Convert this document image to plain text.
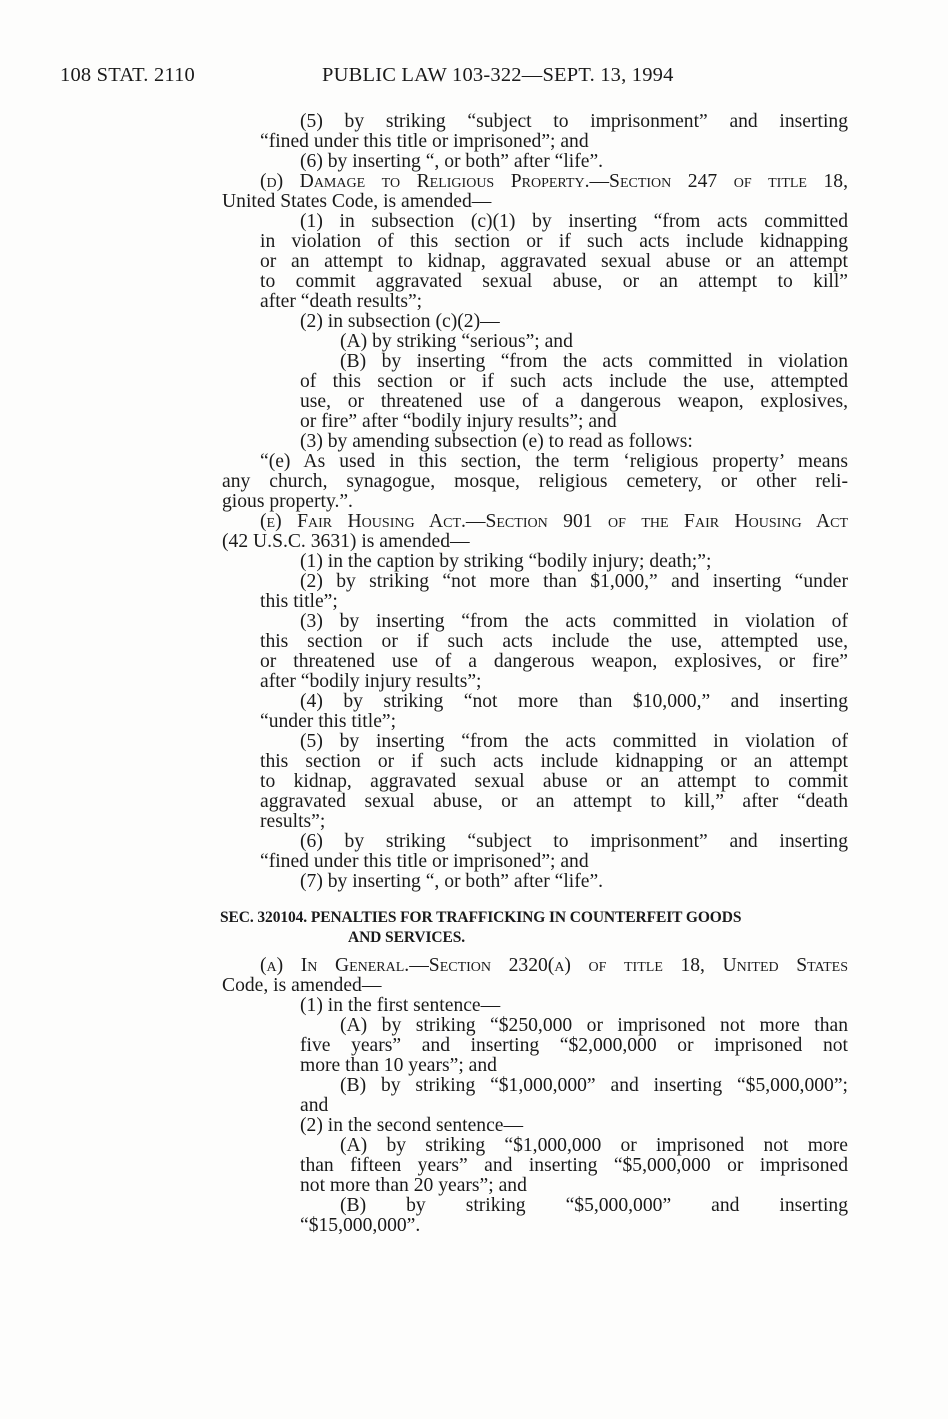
108 STAT. 2110	PUBLIC LAW 103-322—SEPT. 13, 1994
(5) by striking “subject to imprisonment” and inserting
“fined under this title or imprisoned”; and
(6) by inserting “, or both” after “life”.
(d) Damage to Religious Property.—Section 247 of title 18,
United States Code, is amended—
(1) in subsection (c)(1) by inserting “from acts committed
in violation of this section or if such acts include kidnapping
or an attempt to kidnap, aggravated sexual abuse or an attempt
to commit aggravated sexual abuse, or an attempt to kill”
after “death results”;
(2) in subsection (c)(2)—
(A) by striking “serious”; and
(B) by inserting “from the acts committed in violation
of this section or if such acts include the use, attempted
use, or threatened use of a dangerous weapon, explosives,
or fire” after “bodily injury results”; and
(3) by amending subsection (e) to read as follows:
“(e) As used in this section, the term ‘religious property’ means
any church, synagogue, mosque, religious cemetery, or other reli-
gious property.”.
(e) Fair Housing Act.—Section 901 of the Fair Housing Act
(42 U.S.C. 3631) is amended—
(1) in the caption by striking “bodily injury; death;”;
(2) by striking “not more than $1,000,” and inserting “under
this title”;
(3) by inserting “from the acts committed in violation of
this section or if such acts include the use, attempted use,
or threatened use of a dangerous weapon, explosives, or fire”
after “bodily injury results”;
(4) by striking “not more than $10,000,” and inserting
“under this title”;
(5) by inserting “from the acts committed in violation of
this section or if such acts include kidnapping or an attempt
to kidnap, aggravated sexual abuse or an attempt to commit
aggravated sexual abuse, or an attempt to kill,” after “death
results”;
(6) by striking “subject to imprisonment” and inserting
“fined under this title or imprisoned”; and
(7) by inserting “, or both” after “life”.
SEC. 320104. PENALTIES FOR TRAFFICKING IN COUNTERFEIT GOODS
AND SERVICES.
(a) In General.—Section 2320(a) of title 18, United States
Code, is amended—
(1) in the first sentence—
(A) by striking “$250,000 or imprisoned not more than
five years” and inserting “$2,000,000 or imprisoned not
more than 10 years”; and
(B) by striking “$1,000,000” and inserting “$5,000,000”;
and
(2) in the second sentence—
(A) by striking “$1,000,000 or imprisoned not more
than fifteen years” and inserting “$5,000,000 or imprisoned
not more than 20 years”; and
(B) by striking “$5,000,000” and inserting
“$15,000,000”.
